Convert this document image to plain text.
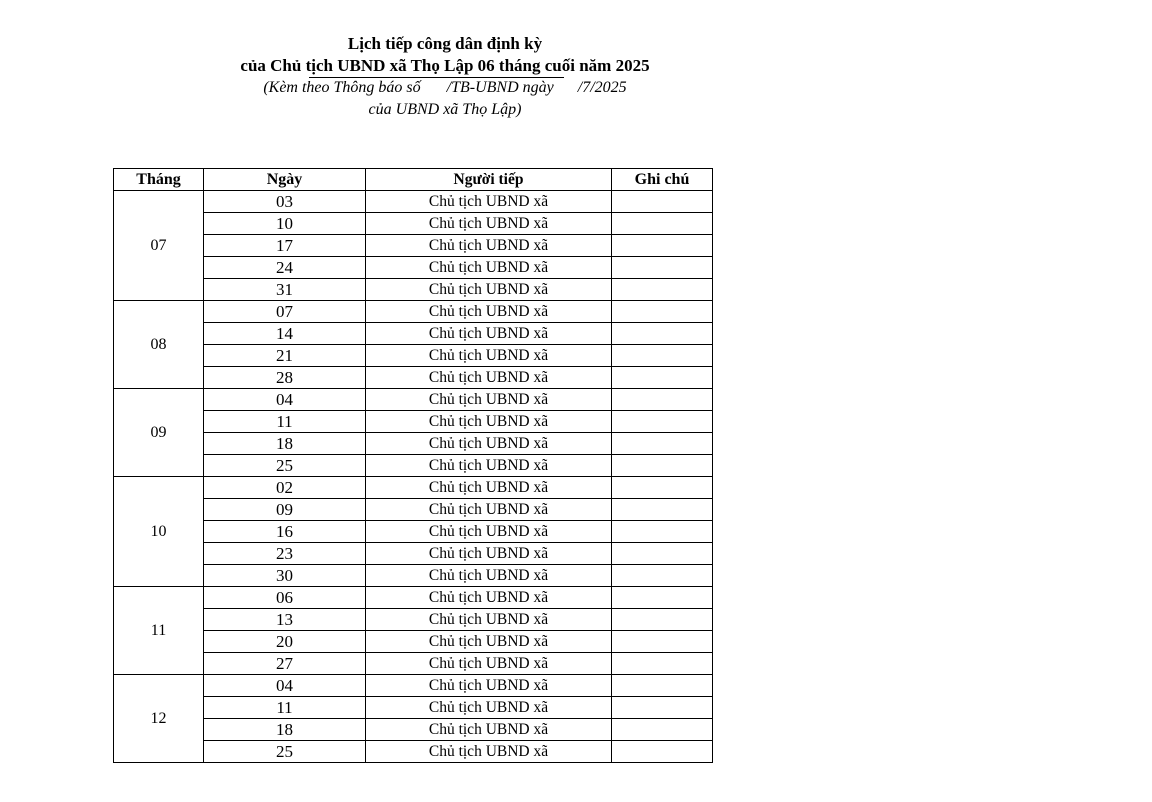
Lịch tiếp công dân định kỳ
của Chủ tịch UBND xã Thọ Lập 06 tháng cuối năm 2025
(Kèm theo Thông báo số /TB-UBND ngày /7/2025
của UBND xã Thọ Lập)
Tháng	Ngày	Người tiếp	Ghi chú
07	03	Chủ tịch UBND xã	
	10	Chủ tịch UBND xã	
	17	Chủ tịch UBND xã	
	24	Chủ tịch UBND xã	
	31	Chủ tịch UBND xã	
08	07	Chủ tịch UBND xã	
	14	Chủ tịch UBND xã	
	21	Chủ tịch UBND xã	
	28	Chủ tịch UBND xã	
09	04	Chủ tịch UBND xã	
	11	Chủ tịch UBND xã	
	18	Chủ tịch UBND xã	
	25	Chủ tịch UBND xã	
10	02	Chủ tịch UBND xã	
	09	Chủ tịch UBND xã	
	16	Chủ tịch UBND xã	
	23	Chủ tịch UBND xã	
	30	Chủ tịch UBND xã	
11	06	Chủ tịch UBND xã	
	13	Chủ tịch UBND xã	
	20	Chủ tịch UBND xã	
	27	Chủ tịch UBND xã	
12	04	Chủ tịch UBND xã	
	11	Chủ tịch UBND xã	
	18	Chủ tịch UBND xã	
	25	Chủ tịch UBND xã	
